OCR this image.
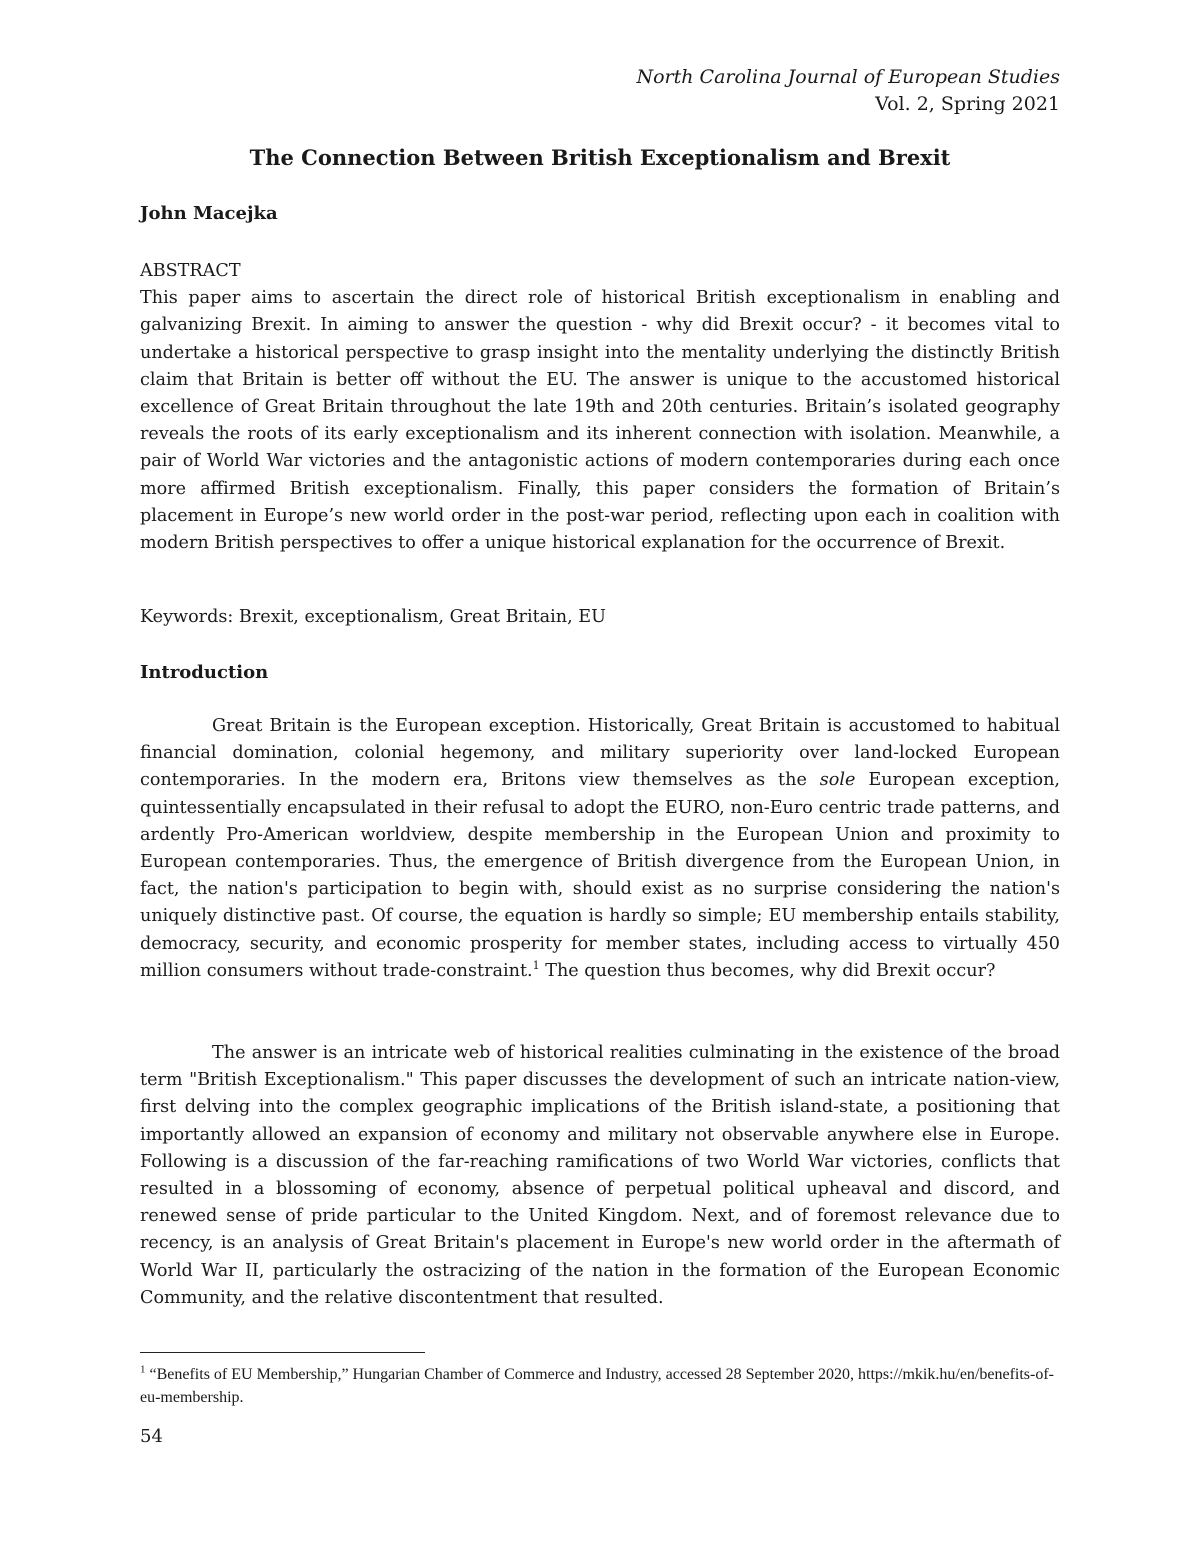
North Carolina Journal of European Studies
Vol. 2, Spring 2021
The Connection Between British Exceptionalism and Brexit
John Macejka
ABSTRACT
This paper aims to ascertain the direct role of historical British exceptionalism in enabling and galvanizing Brexit. In aiming to answer the question - why did Brexit occur? - it becomes vital to undertake a historical perspective to grasp insight into the mentality underlying the distinctly British claim that Britain is better off without the EU. The answer is unique to the accustomed historical excellence of Great Britain throughout the late 19th and 20th centuries. Britain’s isolated geography reveals the roots of its early exceptionalism and its inherent connection with isolation. Meanwhile, a pair of World War victories and the antagonistic actions of modern contemporaries during each once more affirmed British exceptionalism. Finally, this paper considers the formation of Britain’s placement in Europe’s new world order in the post-war period, reflecting upon each in coalition with modern British perspectives to offer a unique historical explanation for the occurrence of Brexit.
Keywords: Brexit, exceptionalism, Great Britain, EU
Introduction

Great Britain is the European exception. Historically, Great Britain is accustomed to habitual financial domination, colonial hegemony, and military superiority over land-locked European contemporaries. In the modern era, Britons view themselves as the sole European exception, quintessentially encapsulated in their refusal to adopt the EURO, non-Euro centric trade patterns, and ardently Pro-American worldview, despite membership in the European Union and proximity to European contemporaries. Thus, the emergence of British divergence from the European Union, in fact, the nation's participation to begin with, should exist as no surprise considering the nation's uniquely distinctive past. Of course, the equation is hardly so simple; EU membership entails stability, democracy, security, and economic prosperity for member states, including access to virtually 450 million consumers without trade-constraint.$^1$ The question thus becomes, why did Brexit occur?

The answer is an intricate web of historical realities culminating in the existence of the broad term "British Exceptionalism." This paper discusses the development of such an intricate nation-view, first delving into the complex geographic implications of the British island-state, a positioning that importantly allowed an expansion of economy and military not observable anywhere else in Europe. Following is a discussion of the far-reaching ramifications of two World War victories, conflicts that resulted in a blossoming of economy, absence of perpetual political upheaval and discord, and renewed sense of pride particular to the United Kingdom. Next, and of foremost relevance due to recency, is an analysis of Great Britain's placement in Europe's new world order in the aftermath of World War II, particularly the ostracizing of the nation in the formation of the European Economic Community, and the relative discontentment that resulted.

$^1$ “Benefits of EU Membership,” Hungarian Chamber of Commerce and Industry, accessed 28 September 2020, https://mkik.hu/en/benefits-of-eu-membership.
54
